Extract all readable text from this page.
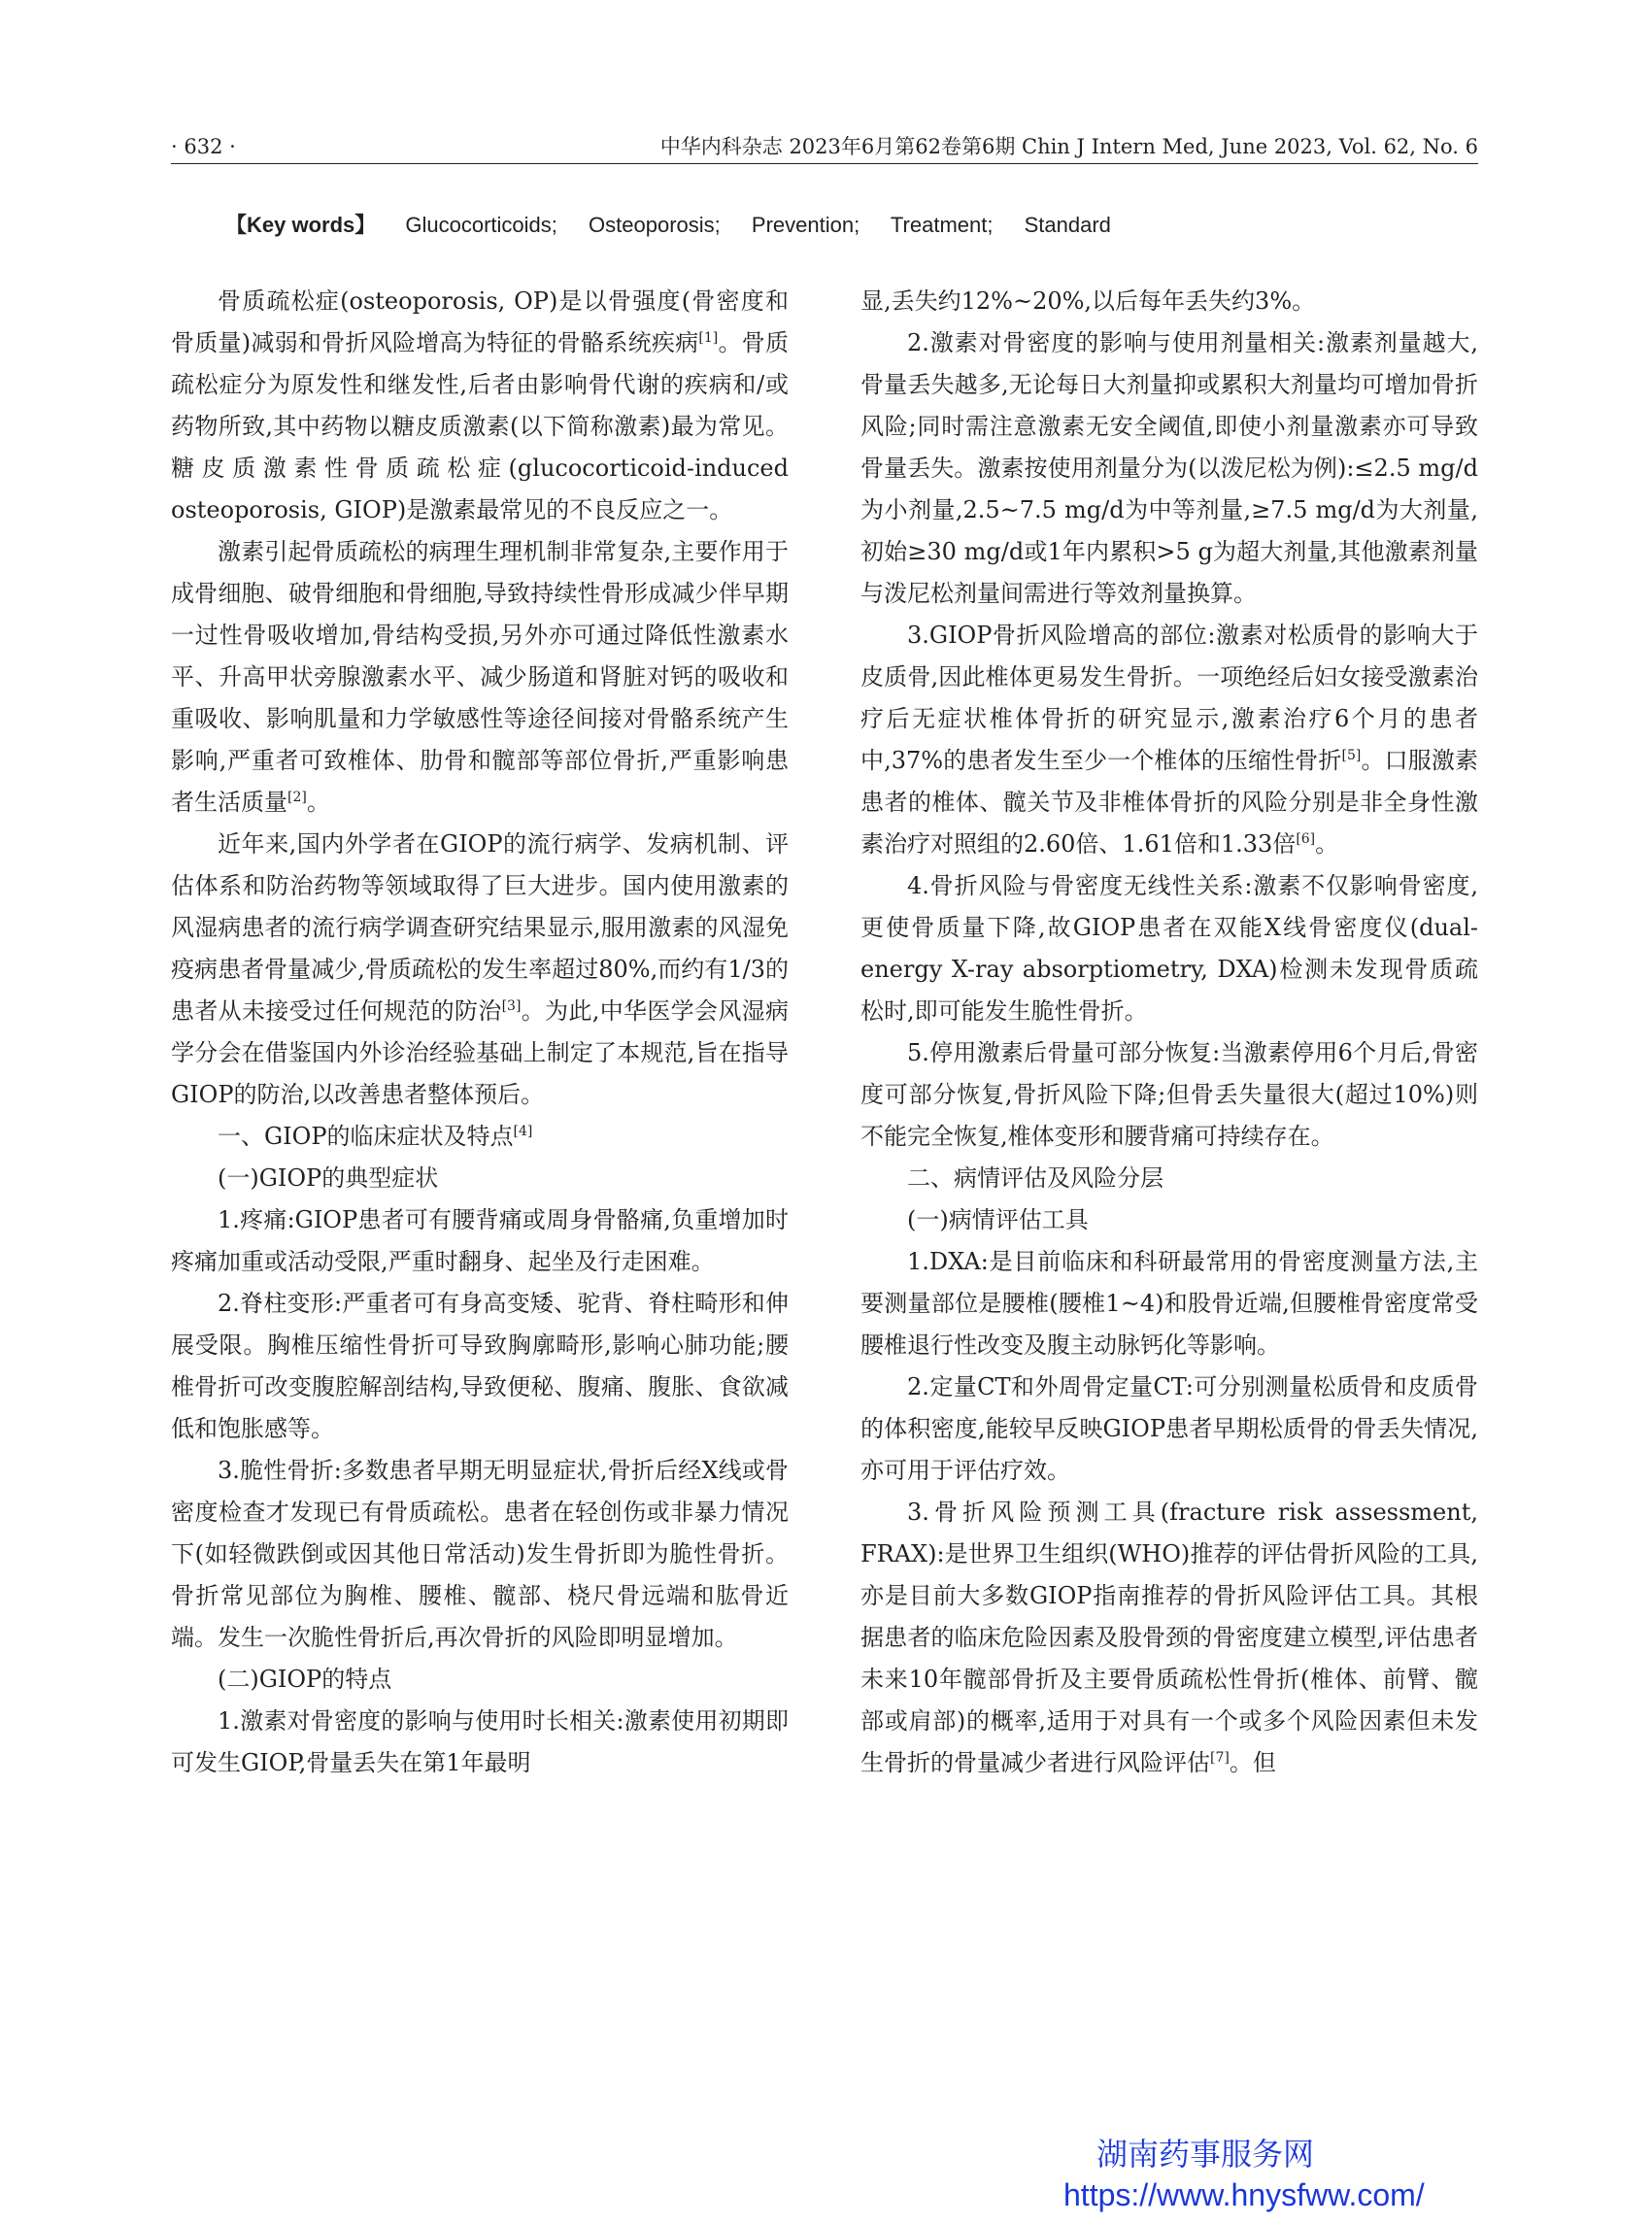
· 632 ·	中华内科杂志 2023年6月第62卷第6期 Chin J Intern Med, June 2023, Vol. 62, No. 6
【Key words】 Glucocorticoids; Osteoporosis; Prevention; Treatment; Standard

骨质疏松症(osteoporosis, OP)是以骨强度(骨密度和骨质量)减弱和骨折风险增高为特征的骨骼系统疾病[1]。骨质疏松症分为原发性和继发性,后者由影响骨代谢的疾病和/或药物所致,其中药物以糖皮质激素(以下简称激素)最为常见。糖皮质激素性骨质疏松症(glucocorticoid-induced osteoporosis, GIOP)是激素最常见的不良反应之一。

激素引起骨质疏松的病理生理机制非常复杂,主要作用于成骨细胞、破骨细胞和骨细胞,导致持续性骨形成减少伴早期一过性骨吸收增加,骨结构受损,另外亦可通过降低性激素水平、升高甲状旁腺激素水平、减少肠道和肾脏对钙的吸收和重吸收、影响肌量和力学敏感性等途径间接对骨骼系统产生影响,严重者可致椎体、肋骨和髋部等部位骨折,严重影响患者生活质量[2]。

近年来,国内外学者在GIOP的流行病学、发病机制、评估体系和防治药物等领域取得了巨大进步。国内使用激素的风湿病患者的流行病学调查研究结果显示,服用激素的风湿免疫病患者骨量减少,骨质疏松的发生率超过80%,而约有1/3的患者从未接受过任何规范的防治[3]。为此,中华医学会风湿病学分会在借鉴国内外诊治经验基础上制定了本规范,旨在指导GIOP的防治,以改善患者整体预后。

一、GIOP的临床症状及特点[4]

(一)GIOP的典型症状

1.疼痛:GIOP患者可有腰背痛或周身骨骼痛,负重增加时疼痛加重或活动受限,严重时翻身、起坐及行走困难。

2.脊柱变形:严重者可有身高变矮、驼背、脊柱畸形和伸展受限。胸椎压缩性骨折可导致胸廓畸形,影响心肺功能;腰椎骨折可改变腹腔解剖结构,导致便秘、腹痛、腹胀、食欲减低和饱胀感等。

3.脆性骨折:多数患者早期无明显症状,骨折后经X线或骨密度检查才发现已有骨质疏松。患者在轻创伤或非暴力情况下(如轻微跌倒或因其他日常活动)发生骨折即为脆性骨折。骨折常见部位为胸椎、腰椎、髋部、桡尺骨远端和肱骨近端。发生一次脆性骨折后,再次骨折的风险即明显增加。

(二)GIOP的特点

1.激素对骨密度的影响与使用时长相关:激素使用初期即可发生GIOP,骨量丢失在第1年最明

显,丢失约12%~20%,以后每年丢失约3%。

2.激素对骨密度的影响与使用剂量相关:激素剂量越大,骨量丢失越多,无论每日大剂量抑或累积大剂量均可增加骨折风险;同时需注意激素无安全阈值,即使小剂量激素亦可导致骨量丢失。激素按使用剂量分为(以泼尼松为例):≤2.5 mg/d为小剂量,2.5~7.5 mg/d为中等剂量,≥7.5 mg/d为大剂量,初始≥30 mg/d或1年内累积>5 g为超大剂量,其他激素剂量与泼尼松剂量间需进行等效剂量换算。

3.GIOP骨折风险增高的部位:激素对松质骨的影响大于皮质骨,因此椎体更易发生骨折。一项绝经后妇女接受激素治疗后无症状椎体骨折的研究显示,激素治疗6个月的患者中,37%的患者发生至少一个椎体的压缩性骨折[5]。口服激素患者的椎体、髋关节及非椎体骨折的风险分别是非全身性激素治疗对照组的2.60倍、1.61倍和1.33倍[6]。

4.骨折风险与骨密度无线性关系:激素不仅影响骨密度,更使骨质量下降,故GIOP患者在双能X线骨密度仪(dual-energy X-ray absorptiometry, DXA)检测未发现骨质疏松时,即可能发生脆性骨折。

5.停用激素后骨量可部分恢复:当激素停用6个月后,骨密度可部分恢复,骨折风险下降;但骨丢失量很大(超过10%)则不能完全恢复,椎体变形和腰背痛可持续存在。

二、病情评估及风险分层

(一)病情评估工具

1.DXA:是目前临床和科研最常用的骨密度测量方法,主要测量部位是腰椎(腰椎1~4)和股骨近端,但腰椎骨密度常受腰椎退行性改变及腹主动脉钙化等影响。

2.定量CT和外周骨定量CT:可分别测量松质骨和皮质骨的体积密度,能较早反映GIOP患者早期松质骨的骨丢失情况,亦可用于评估疗效。

3.骨折风险预测工具(fracture risk assessment, FRAX):是世界卫生组织(WHO)推荐的评估骨折风险的工具,亦是目前大多数GIOP指南推荐的骨折风险评估工具。其根据患者的临床危险因素及股骨颈的骨密度建立模型,评估患者未来10年髋部骨折及主要骨质疏松性骨折(椎体、前臂、髋部或肩部)的概率,适用于对具有一个或多个风险因素但未发生骨折的骨量减少者进行风险评估[7]。但

湖南药事服务网
https://www.hnysfww.com/
